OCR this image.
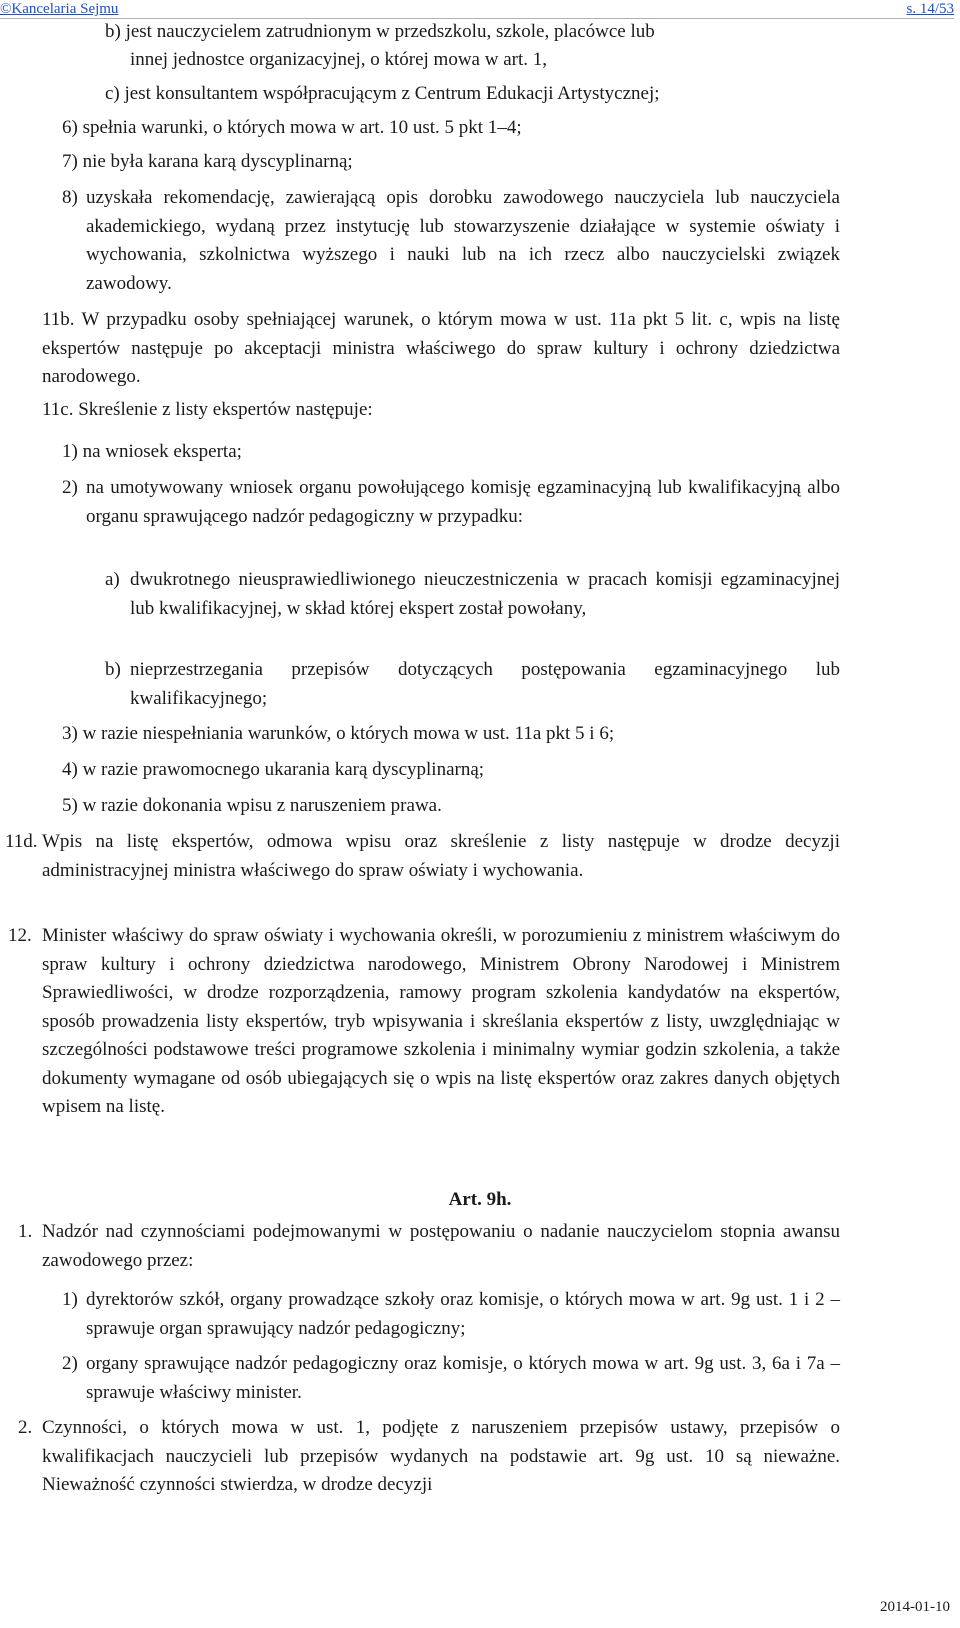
©Kancelaria Sejmu	s. 14/53
b) jest nauczycielem zatrudnionym w przedszkolu, szkole, placówce lub
innej jednostce organizacyjnej, o której mowa w art. 1,
c) jest konsultantem współpracującym z Centrum Edukacji Artystycznej;
6) spełnia warunki, o których mowa w art. 10 ust. 5 pkt 1–4;
7) nie była karana karą dyscyplinarną;
8) uzyskała rekomendację, zawierającą opis dorobku zawodowego nauczyciela lub nauczyciela akademickiego, wydaną przez instytucję lub stowarzyszenie działające w systemie oświaty i wychowania, szkolnictwa wyższego i nauki lub na ich rzecz albo nauczycielski związek zawodowy.
11b. W przypadku osoby spełniającej warunek, o którym mowa w ust. 11a pkt 5 lit. c, wpis na listę ekspertów następuje po akceptacji ministra właściwego do spraw kultury i ochrony dziedzictwa narodowego.
11c. Skreślenie z listy ekspertów następuje:
1) na wniosek eksperta;
2) na umotywowany wniosek organu powołującego komisję egzaminacyjną lub kwalifikacyjną albo organu sprawującego nadzór pedagogiczny w przypadku:
a) dwukrotnego nieusprawiedliwionego nieuczestniczenia w pracach komisji egzaminacyjnej lub kwalifikacyjnej, w skład której ekspert został powołany,
b) nieprzestrzegania przepisów dotyczących postępowania egzaminacyjnego lub kwalifikacyjnego;
3) w razie niespełniania warunków, o których mowa w ust. 11a pkt 5 i 6;
4) w razie prawomocnego ukarania karą dyscyplinarną;
5) w razie dokonania wpisu z naruszeniem prawa.
11d. Wpis na listę ekspertów, odmowa wpisu oraz skreślenie z listy następuje w drodze decyzji administracyjnej ministra właściwego do spraw oświaty i wychowania.
12. Minister właściwy do spraw oświaty i wychowania określi, w porozumieniu z ministrem właściwym do spraw kultury i ochrony dziedzictwa narodowego, Ministrem Obrony Narodowej i Ministrem Sprawiedliwości, w drodze rozporządzenia, ramowy program szkolenia kandydatów na ekspertów, sposób prowadzenia listy ekspertów, tryb wpisywania i skreślania ekspertów z listy, uwzględniając w szczególności podstawowe treści programowe szkolenia i minimalny wymiar godzin szkolenia, a także dokumenty wymagane od osób ubiegających się o wpis na listę ekspertów oraz zakres danych objętych wpisem na listę.
Art. 9h.
1. Nadzór nad czynnościami podejmowanymi w postępowaniu o nadanie nauczycielom stopnia awansu zawodowego przez:
1) dyrektorów szkół, organy prowadzące szkoły oraz komisje, o których mowa w art. 9g ust. 1 i 2 – sprawuje organ sprawujący nadzór pedagogiczny;
2) organy sprawujące nadzór pedagogiczny oraz komisje, o których mowa w art. 9g ust. 3, 6a i 7a – sprawuje właściwy minister.
2. Czynności, o których mowa w ust. 1, podjęte z naruszeniem przepisów ustawy, przepisów o kwalifikacjach nauczycieli lub przepisów wydanych na podstawie art. 9g ust. 10 są nieważne. Nieważność czynności stwierdza, w drodze decyzji
2014-01-10
